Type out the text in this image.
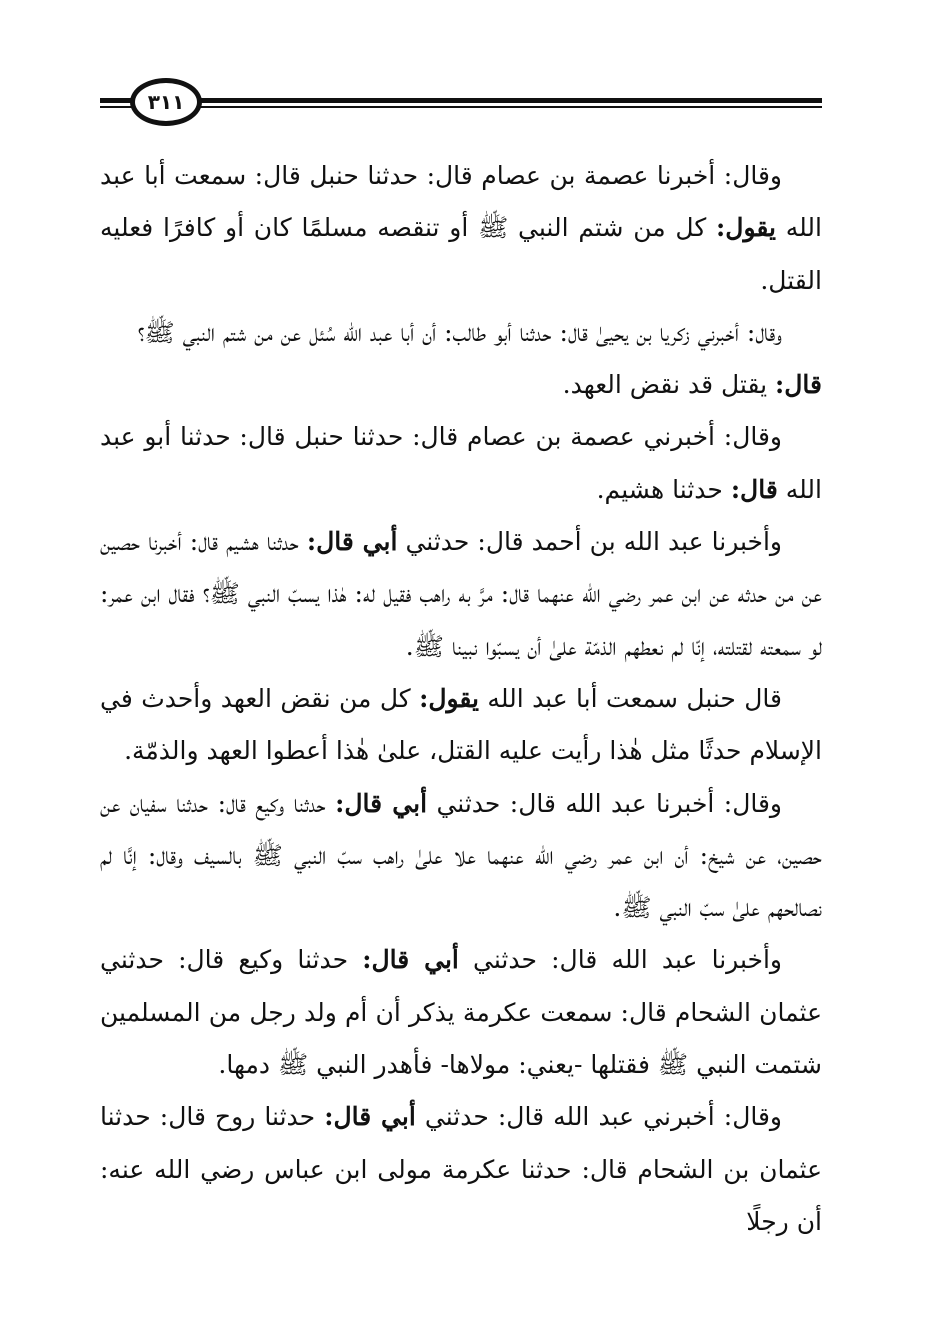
٣١١

وقال: أخبرنا عصمة بن عصام قال: حدثنا حنبل قال: سمعت أبا عبد الله يقول: كل من شتم النبي ﷺ أو تنقصه مسلمًا كان أو كافرًا فعليه القتل.

وقال: أخبرني زكريا بن يحيىٰ قال: حدثنا أبو طالب: أن أبا عبد الله سُئل عن من شتم النبي ﷺ؟

قال: يقتل قد نقض العهد.

وقال: أخبرني عصمة بن عصام قال: حدثنا حنبل قال: حدثنا أبو عبد الله قال: حدثنا هشيم.

وأخبرنا عبد الله بن أحمد قال: حدثني أبي قال: حدثنا هشيم قال: أخبرنا حصين عن من حدثه عن ابن عمر رضي الله عنهما قال: مرَّ به راهب فقيل له: هٰذا يسبّ النبي ﷺ؟ فقال ابن عمر: لو سمعته لقتلته، إنّا لم نعطهم الذمّة علىٰ أن يسبّوا نبينا ﷺ.

قال حنبل سمعت أبا عبد الله يقول: كل من نقض العهد وأحدث في الإسلام حدثًا مثل هٰذا رأيت عليه القتل، علىٰ هٰذا أعطوا العهد والذمّة.

وقال: أخبرنا عبد الله قال: حدثني أبي قال: حدثنا وكيع قال: حدثنا سفيان عن حصين، عن شيخ: أن ابن عمر رضي الله عنهما علا علىٰ راهب سبّ النبي ﷺ بالسيف وقال: إنَّا لم نصالحهم علىٰ سبّ النبي ﷺ.

وأخبرنا عبد الله قال: حدثني أبي قال: حدثنا وكيع قال: حدثني عثمان الشحام قال: سمعت عكرمة يذكر أن أم ولد رجل من المسلمين شتمت النبي ﷺ فقتلها -يعني: مولاها- فأهدر النبي ﷺ دمها.

وقال: أخبرني عبد الله قال: حدثني أبي قال: حدثنا روح قال: حدثنا عثمان بن الشحام قال: حدثنا عكرمة مولى ابن عباس رضي الله عنه: أن رجلًا
